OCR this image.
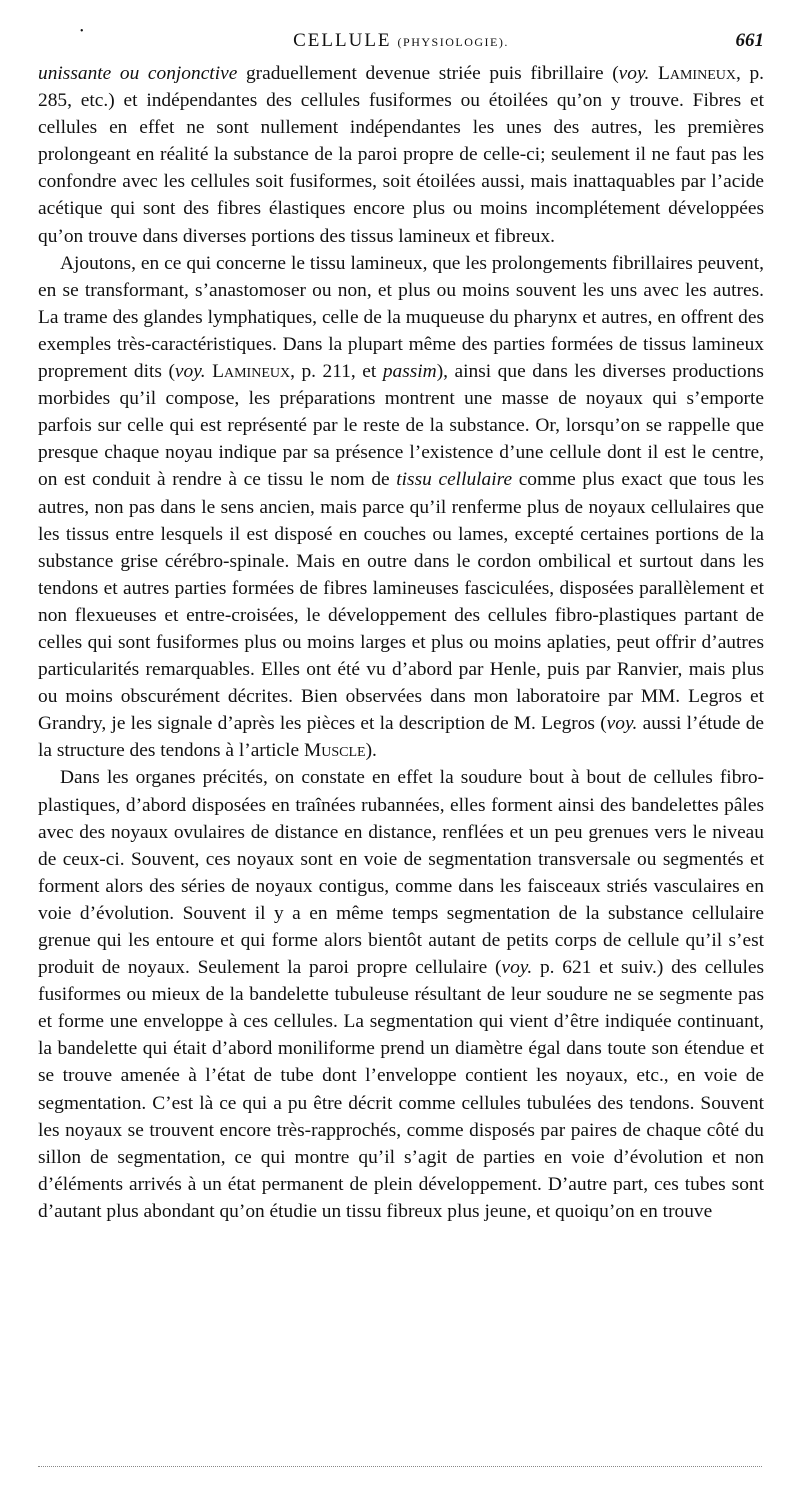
•	CELLULE (PHYSIOLOGIE).	661

unissante ou conjonctive graduellement devenue striée puis fibrillaire (voy. Lamineux, p. 285, etc.) et indépendantes des cellules fusiformes ou étoilées qu’on y trouve. Fibres et cellules en effet ne sont nullement indépendantes les unes des autres, les premières prolongeant en réalité la substance de la paroi propre de celle-ci; seulement il ne faut pas les confondre avec les cellules soit fusiformes, soit étoilées aussi, mais inattaquables par l’acide acétique qui sont des fibres élastiques encore plus ou moins incomplétement développées qu’on trouve dans diverses portions des tissus lamineux et fibreux.

Ajoutons, en ce qui concerne le tissu lamineux, que les prolongements fibrillaires peuvent, en se transformant, s’anastomoser ou non, et plus ou moins souvent les uns avec les autres. La trame des glandes lymphatiques, celle de la muqueuse du pharynx et autres, en offrent des exemples très-caractéristiques. Dans la plupart même des parties formées de tissus lamineux proprement dits (voy. Lamineux, p. 211, et passim), ainsi que dans les diverses productions morbides qu’il compose, les préparations montrent une masse de noyaux qui s’emporte parfois sur celle qui est représenté par le reste de la substance. Or, lorsqu’on se rappelle que presque chaque noyau indique par sa présence l’existence d’une cellule dont il est le centre, on est conduit à rendre à ce tissu le nom de tissu cellulaire comme plus exact que tous les autres, non pas dans le sens ancien, mais parce qu’il renferme plus de noyaux cellulaires que les tissus entre lesquels il est disposé en couches ou lames, excepté certaines portions de la substance grise cérébro-spinale. Mais en outre dans le cordon ombilical et surtout dans les tendons et autres parties formées de fibres lamineuses fasciculées, disposées parallèlement et non flexueuses et entre-croisées, le développement des cellules fibro-plastiques partant de celles qui sont fusiformes plus ou moins larges et plus ou moins aplaties, peut offrir d’autres particularités remarquables. Elles ont été vu d’abord par Henle, puis par Ranvier, mais plus ou moins obscurément décrites. Bien observées dans mon laboratoire par MM. Legros et Grandry, je les signale d’après les pièces et la description de M. Legros (voy. aussi l’étude de la structure des tendons à l’article Muscle).

Dans les organes précités, on constate en effet la soudure bout à bout de cellules fibro-plastiques, d’abord disposées en traînées rubannées, elles forment ainsi des bandelettes pâles avec des noyaux ovulaires de distance en distance, renflées et un peu grenues vers le niveau de ceux-ci. Souvent, ces noyaux sont en voie de segmentation transversale ou segmentés et forment alors des séries de noyaux contigus, comme dans les faisceaux striés vasculaires en voie d’évolution. Souvent il y a en même temps segmentation de la substance cellulaire grenue qui les entoure et qui forme alors bientôt autant de petits corps de cellule qu’il s’est produit de noyaux. Seulement la paroi propre cellulaire (voy. p. 621 et suiv.) des cellules fusiformes ou mieux de la bandelette tubuleuse résultant de leur soudure ne se segmente pas et forme une enveloppe à ces cellules. La segmentation qui vient d’être indiquée continuant, la bandelette qui était d’abord moniliforme prend un diamètre égal dans toute son étendue et se trouve amenée à l’état de tube dont l’enveloppe contient les noyaux, etc., en voie de segmentation. C’est là ce qui a pu être décrit comme cellules tubulées des tendons. Souvent les noyaux se trouvent encore très-rapprochés, comme disposés par paires de chaque côté du sillon de segmentation, ce qui montre qu’il s’agit de parties en voie d’évolution et non d’éléments arrivés à un état permanent de plein développement. D’autre part, ces tubes sont d’autant plus abondant qu’on étudie un tissu fibreux plus jeune, et quoiqu’on en trouve
